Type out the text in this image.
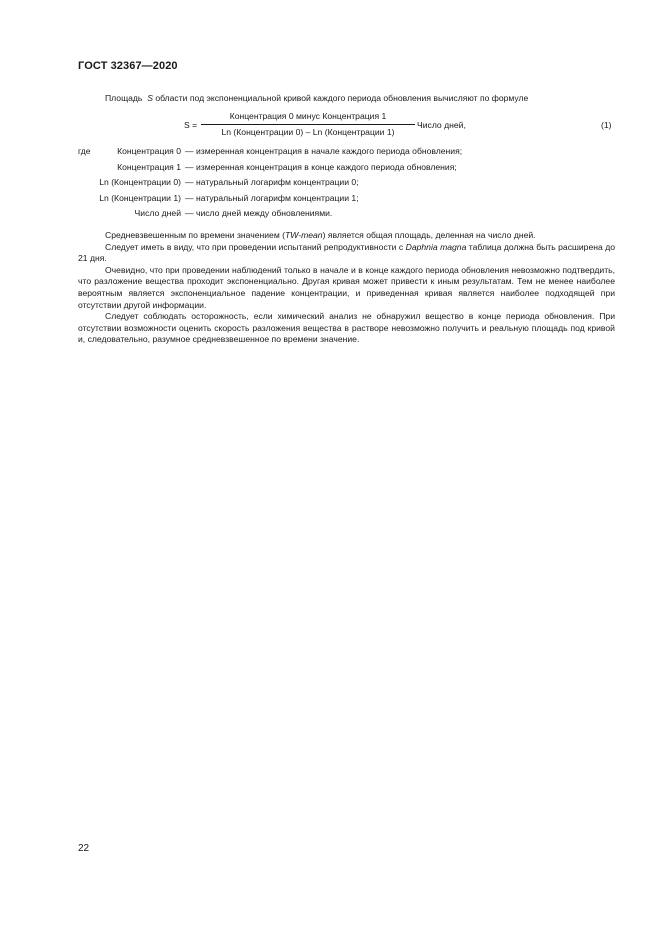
ГОСТ 32367—2020
Площадь S области под экспоненциальной кривой каждого периода обновления вычисляют по формуле
S =
Концентрация 0 минус Концентрация 1
Ln (Концентрации 0) – Ln (Концентрации 1)
Число дней,	(1)
где	Концентрация 0 — измеренная концентрация в начале каждого периода обновления;
Концентрация 1 — измеренная концентрация в конце каждого периода обновления;
Ln (Концентрации 0) — натуральный логарифм концентрации 0;
Ln (Концентрации 1) — натуральный логарифм концентрации 1;
Число дней — число дней между обновлениями.

Средневзвешенным по времени значением (TW-mean) является общая площадь, деленная на число дней.

Следует иметь в виду, что при проведении испытаний репродуктивности с Daphnia magna таблица должна быть расширена до 21 дня.

Очевидно, что при проведении наблюдений только в начале и в конце каждого периода обновления невозможно подтвердить, что разложение вещества проходит экспоненциально. Другая кривая может привести к иным результатам. Тем не менее наиболее вероятным является экспоненциальное падение концентрации, и приведенная кривая является наиболее подходящей при отсутствии другой информации.

Следует соблюдать осторожность, если химический анализ не обнаружил вещество в конце периода обновления. При отсутствии возможности оценить скорость разложения вещества в растворе невозможно получить и реальную площадь под кривой и, следовательно, разумное средневзвешенное по времени значение.

22
